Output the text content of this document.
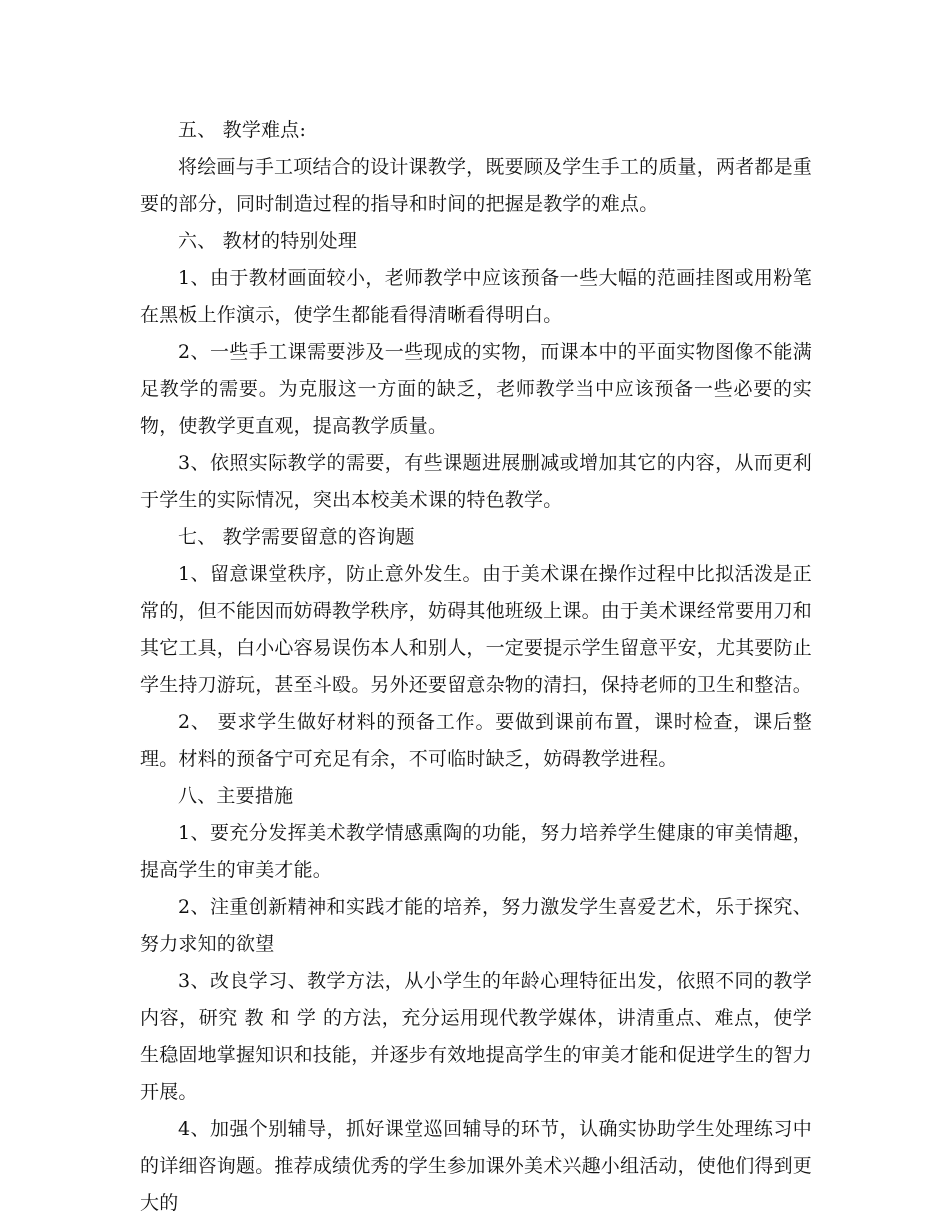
五、 教学难点:

将绘画与手工项结合的设计课教学，既要顾及学生手工的质量，两者都是重要的部分，同时制造过程的指导和时间的把握是教学的难点。

六、 教材的特别处理

1、由于教材画面较小，老师教学中应该预备一些大幅的范画挂图或用粉笔在黑板上作演示，使学生都能看得清晰看得明白。

2、一些手工课需要涉及一些现成的实物，而课本中的平面实物图像不能满足教学的需要。为克服这一方面的缺乏，老师教学当中应该预备一些必要的实物，使教学更直观，提高教学质量。

3、依照实际教学的需要，有些课题进展删减或增加其它的内容，从而更利于学生的实际情况，突出本校美术课的特色教学。

七、 教学需要留意的咨询题

1、留意课堂秩序，防止意外发生。由于美术课在操作过程中比拟活泼是正常的，但不能因而妨碍教学秩序，妨碍其他班级上课。由于美术课经常要用刀和其它工具，白小心容易误伤本人和别人，一定要提示学生留意平安，尤其要防止学生持刀游玩，甚至斗殴。另外还要留意杂物的清扫，保持老师的卫生和整洁。

2、 要求学生做好材料的预备工作。要做到课前布置，课时检查，课后整理。材料的预备宁可充足有余，不可临时缺乏，妨碍教学进程。

八、主要措施

1、要充分发挥美术教学情感熏陶的功能，努力培养学生健康的审美情趣，提高学生的审美才能。

2、注重创新精神和实践才能的培养，努力激发学生喜爱艺术，乐于探究、努力求知的欲望

3、改良学习、教学方法，从小学生的年龄心理特征出发，依照不同的教学内容，研究 教 和 学 的方法，充分运用现代教学媒体，讲清重点、难点，使学生稳固地掌握知识和技能，并逐步有效地提高学生的审美才能和促进学生的智力开展。

4、加强个别辅导，抓好课堂巡回辅导的环节，认确实协助学生处理练习中的详细咨询题。推荐成绩优秀的学生参加课外美术兴趣小组活动，使他们得到更大的
